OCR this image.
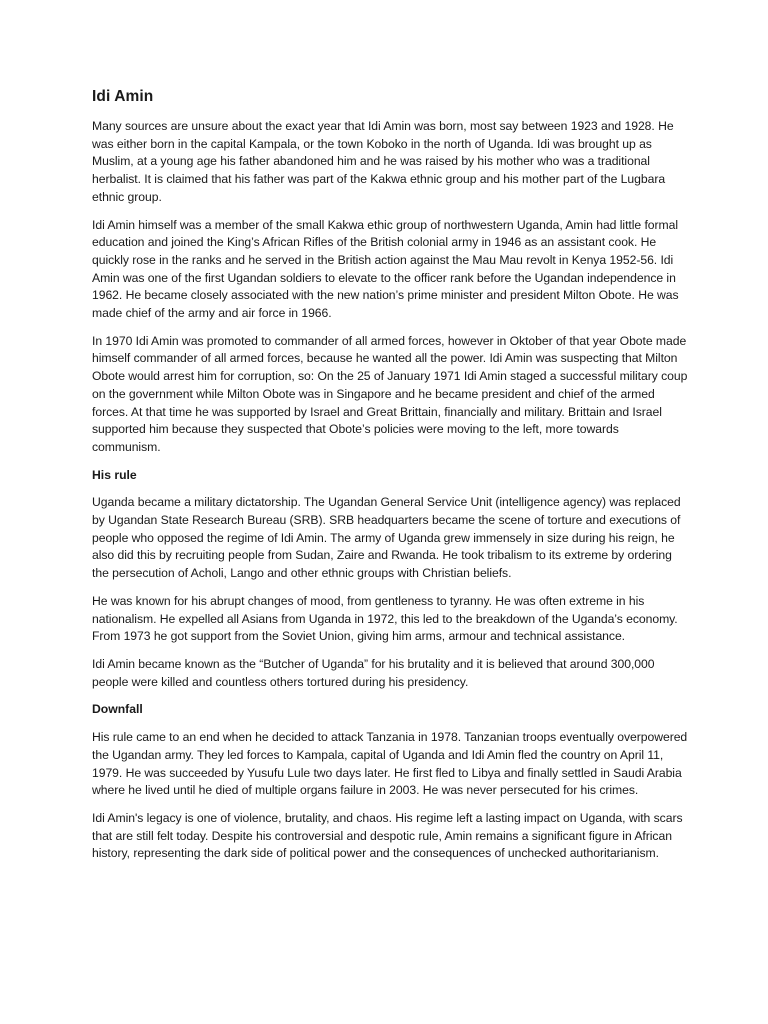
Idi Amin

Many sources are unsure about the exact year that Idi Amin was born, most say between 1923 and 1928. He was either born in the capital Kampala, or the town Koboko in the north of Uganda. Idi was brought up as Muslim, at a young age his father abandoned him and he was raised by his mother who was a traditional herbalist. It is claimed that his father was part of the Kakwa ethnic group and his mother part of the Lugbara ethnic group.

Idi Amin himself was a member of the small Kakwa ethic group of northwestern Uganda, Amin had little formal education and joined the King’s African Rifles of the British colonial army in 1946 as an assistant cook. He quickly rose in the ranks and he served in the British action against the Mau Mau revolt in Kenya 1952-56. Idi Amin was one of the first Ugandan soldiers to elevate to the officer rank before the Ugandan independence in 1962. He became closely associated with the new nation’s prime minister and president Milton Obote. He was made chief of the army and air force in 1966.

In 1970 Idi Amin was promoted to commander of all armed forces, however in Oktober of that year Obote made himself commander of all armed forces, because he wanted all the power. Idi Amin was suspecting that Milton Obote would arrest him for corruption, so: On the 25 of January 1971 Idi Amin staged a successful military coup on the government while Milton Obote was in Singapore and he became president and chief of the armed forces. At that time he was supported by Israel and Great Brittain, financially and military. Brittain and Israel supported him because they suspected that Obote’s policies were moving to the left, more towards communism.

His rule

Uganda became a military dictatorship. The Ugandan General Service Unit (intelligence agency) was replaced by Ugandan State Research Bureau (SRB). SRB headquarters became the scene of torture and executions of people who opposed the regime of Idi Amin. The army of Uganda grew immensely in size during his reign, he also did this by recruiting people from Sudan, Zaire and Rwanda. He took tribalism to its extreme by ordering the persecution of Acholi, Lango and other ethnic groups with Christian beliefs.

He was known for his abrupt changes of mood, from gentleness to tyranny. He was often extreme in his nationalism. He expelled all Asians from Uganda in 1972, this led to the breakdown of the Uganda’s economy. From 1973 he got support from the Soviet Union, giving him arms, armour and technical assistance.

Idi Amin became known as the “Butcher of Uganda” for his brutality and it is believed that around 300,000 people were killed and countless others tortured during his presidency.

Downfall

His rule came to an end when he decided to attack Tanzania in 1978. Tanzanian troops eventually overpowered the Ugandan army. They led forces to Kampala, capital of Uganda and Idi Amin fled the country on April 11, 1979. He was succeeded by Yusufu Lule two days later. He first fled to Libya and finally settled in Saudi Arabia where he lived until he died of multiple organs failure in 2003. He was never persecuted for his crimes.

Idi Amin's legacy is one of violence, brutality, and chaos. His regime left a lasting impact on Uganda, with scars that are still felt today. Despite his controversial and despotic rule, Amin remains a significant figure in African history, representing the dark side of political power and the consequences of unchecked authoritarianism.
